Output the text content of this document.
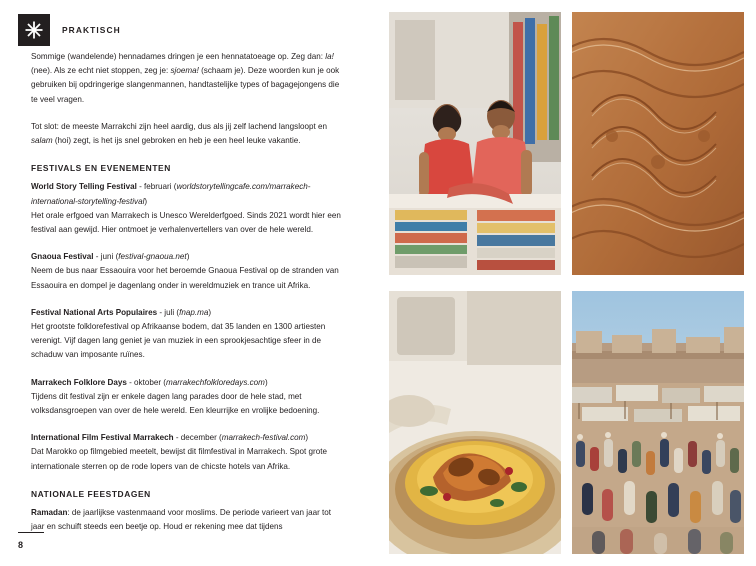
PRAKTISCH

Sommige (wandelende) hennadames dringen je een hennatatoeage op. Zeg dan: la! (nee). Als ze echt niet stoppen, zeg je: sjoema! (schaam je). Deze woorden kun je ook gebruiken bij opdringerige slangenmannen, handtastelijke types of bagagejongens die te veel vragen.

Tot slot: de meeste Marrakchi zijn heel aardig, dus als jij zelf lachend langsloopt en salam (hoi) zegt, is het ijs snel gebroken en heb je een heel leuke vakantie.

FESTIVALS EN EVENEMENTEN

World Story Telling Festival - februari (worldstorytellingcafe.com/marrakech-international-storytelling-festival)
Het orale erfgoed van Marrakech is Unesco Werelderfgoed. Sinds 2021 wordt hier een festival aan gewijd. Hier ontmoet je verhalenvertellers van over de hele wereld.

Gnaoua Festival - juni (festival-gnaoua.net)
Neem de bus naar Essaouira voor het beroemde Gnaoua Festival op de stranden van Essaouira en dompel je dagenlang onder in wereldmuziek en trance uit Afrika.

Festival National Arts Populaires - juli (fnap.ma)
Het grootste folklorefestival op Afrikaanse bodem, dat 35 landen en 1300 artiesten verenigt. Vijf dagen lang geniet je van muziek in een sprookjesachtige sfeer in de schaduw van imposante ruïnes.

Marrakech Folklore Days - oktober (marrakechfolkloredays.com)
Tijdens dit festival zijn er enkele dagen lang parades door de hele stad, met volksdansgroepen van over de hele wereld. Een kleurrijke en vrolijke bedoening.

International Film Festival Marrakech - december (marrakech-festival.com)
Dat Marokko op filmgebied meetelt, bewijst dit filmfestival in Marrakech. Spot grote internationale sterren op de rode lopers van de chicste hotels van Afrika.

NATIONALE FEESTDAGEN

Ramadan: de jaarlijkse vastenmaand voor moslims. De periode varieert van jaar tot jaar en schuift steeds een beetje op. Houd er rekening mee dat tijdens

8
